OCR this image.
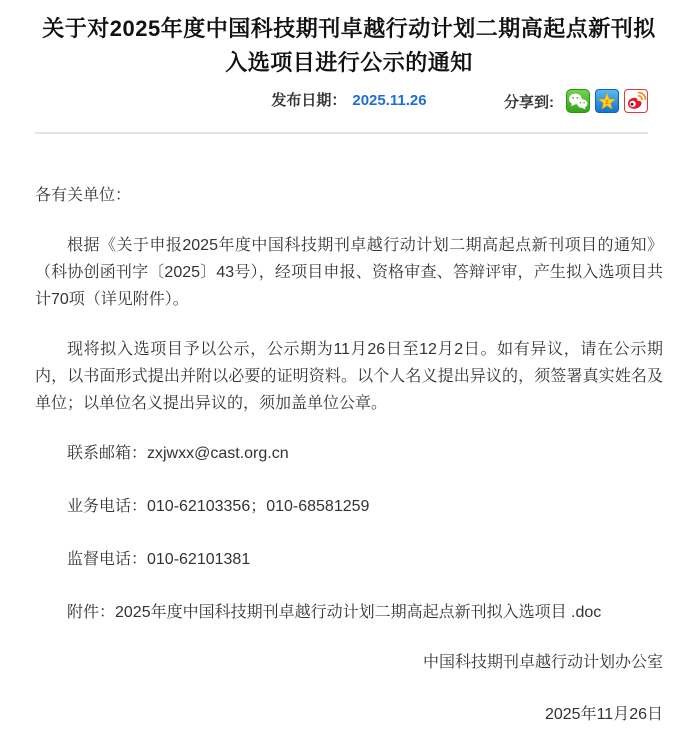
关于对2025年度中国科技期刊卓越行动计划二期高起点新刊拟入选项目进行公示的通知
发布日期： 2025.11.26	分享到:	z

各有关单位：

根据《关于申报2025年度中国科技期刊卓越行动计划二期高起点新刊项目的通知》（科协创函刊字〔2025〕43号），经项目申报、资格审查、答辩评审，产生拟入选项目共计70项（详见附件）。

现将拟入选项目予以公示，公示期为11月26日至12月2日。如有异议，请在公示期内，以书面形式提出并附以必要的证明资料。以个人名义提出异议的，须签署真实姓名及单位；以单位名义提出异议的，须加盖单位公章。

联系邮箱：zxjwxx@cast.org.cn

业务电话：010-62103356；010-68581259

监督电话：010-62101381

附件：2025年度中国科技期刊卓越行动计划二期高起点新刊拟入选项目 .doc

中国科技期刊卓越行动计划办公室

2025年11月26日
